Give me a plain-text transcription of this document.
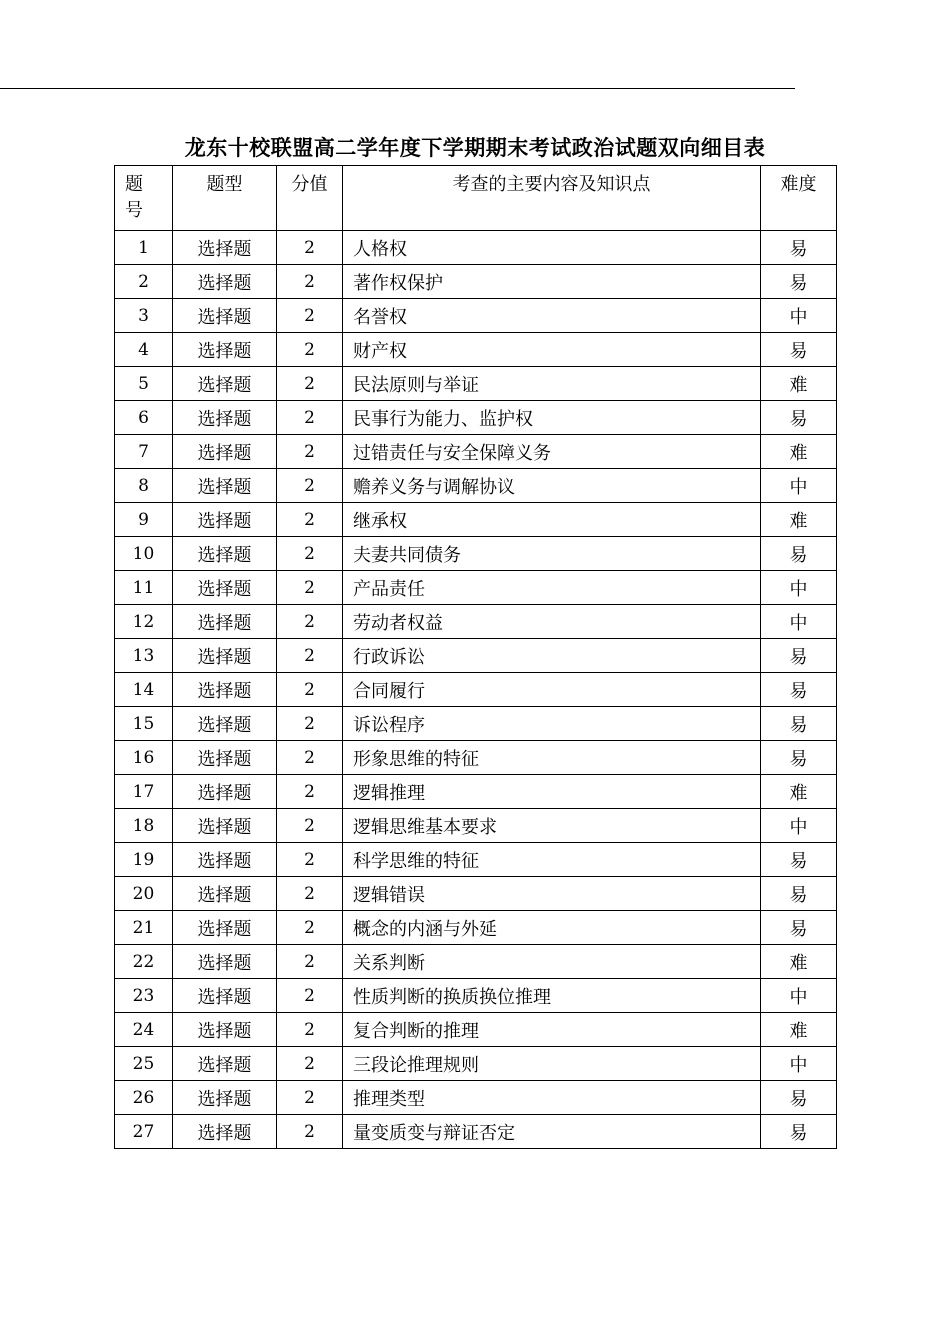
龙东十校联盟高二学年度下学期期末考试政治试题双向细目表
题号	题型	分值	考查的主要内容及知识点	难度
1	选择题	2	人格权	易
2	选择题	2	著作权保护	易
3	选择题	2	名誉权	中
4	选择题	2	财产权	易
5	选择题	2	民法原则与举证	难
6	选择题	2	民事行为能力、监护权	易
7	选择题	2	过错责任与安全保障义务	难
8	选择题	2	赡养义务与调解协议	中
9	选择题	2	继承权	难
10	选择题	2	夫妻共同债务	易
11	选择题	2	产品责任	中
12	选择题	2	劳动者权益	中
13	选择题	2	行政诉讼	易
14	选择题	2	合同履行	易
15	选择题	2	诉讼程序	易
16	选择题	2	形象思维的特征	易
17	选择题	2	逻辑推理	难
18	选择题	2	逻辑思维基本要求	中
19	选择题	2	科学思维的特征	易
20	选择题	2	逻辑错误	易
21	选择题	2	概念的内涵与外延	易
22	选择题	2	关系判断	难
23	选择题	2	性质判断的换质换位推理	中
24	选择题	2	复合判断的推理	难
25	选择题	2	三段论推理规则	中
26	选择题	2	推理类型	易
27	选择题	2	量变质变与辩证否定	易
